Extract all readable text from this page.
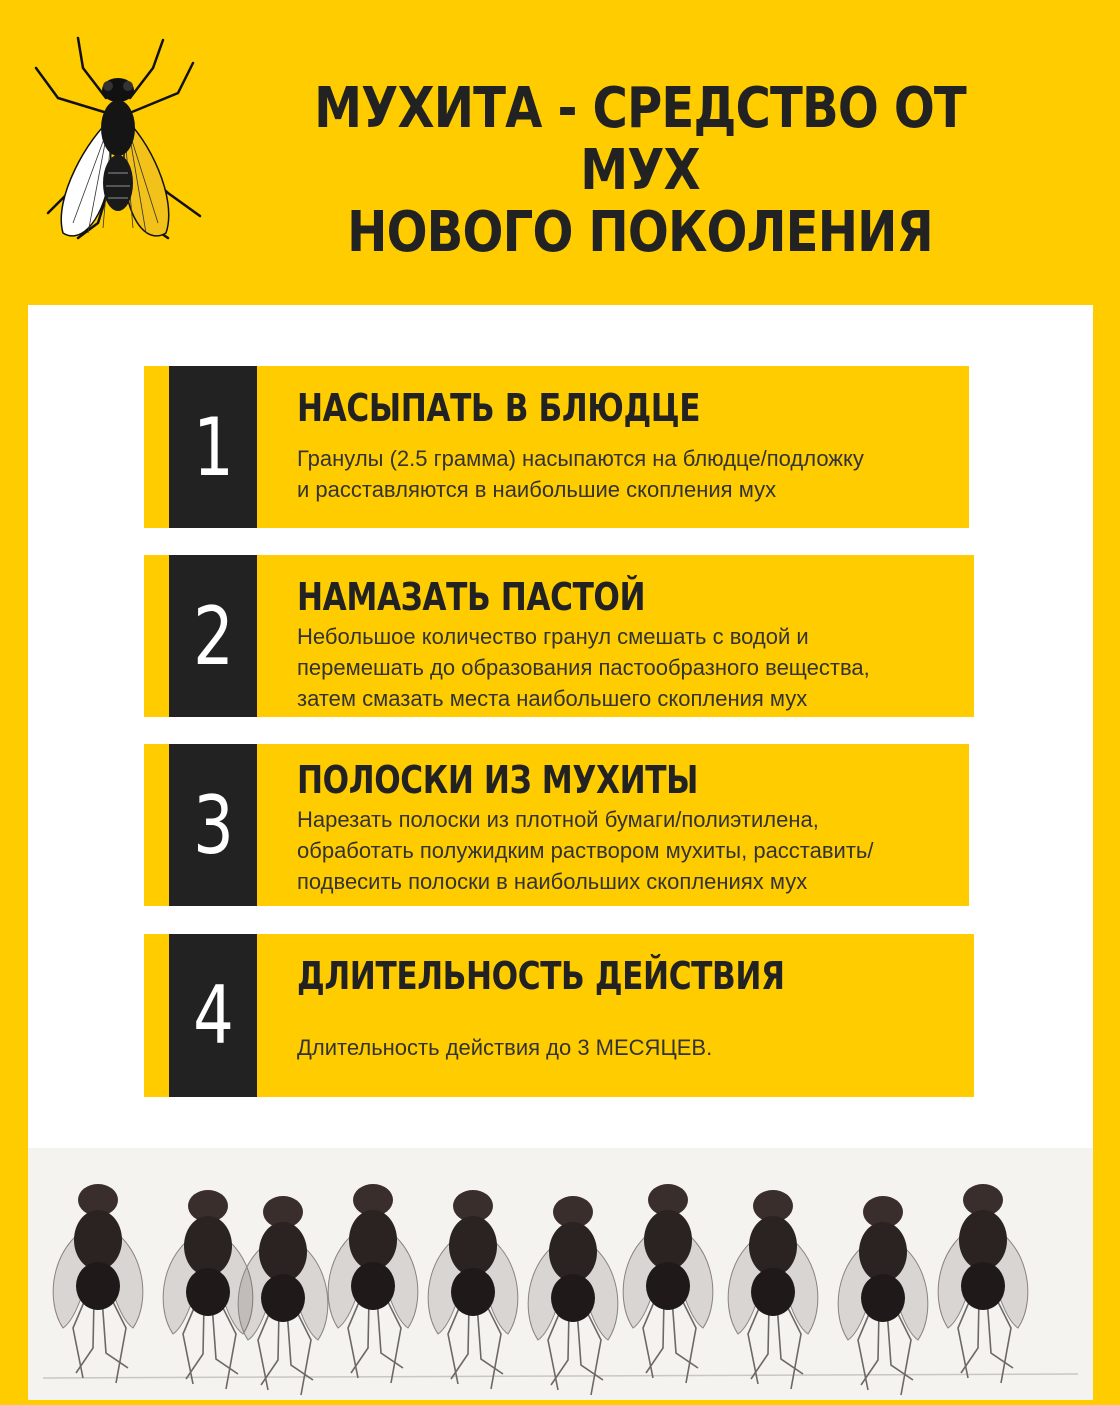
МУХИТА - СРЕДСТВО ОТ МУХ
НОВОГО ПОКОЛЕНИЯ
1 НАСЫПАТЬ В БЛЮДЦЕ
Гранулы (2.5 грамма) насыпаются на блюдце/подложку
и расставляются в наибольшие скопления мух
2 НАМАЗАТЬ ПАСТОЙ
Небольшое количество гранул смешать с водой и
перемешать до образования пастообразного вещества,
затем смазать места наибольшего скопления мух
3 ПОЛОСКИ ИЗ МУХИТЫ
Нарезать полоски из плотной бумаги/полиэтилена,
обработать полужидким раствором мухиты, расставить/
подвесить полоски в наибольших скоплениях мух
4 ДЛИТЕЛЬНОСТЬ ДЕЙСТВИЯ
Длительность действия до 3 МЕСЯЦЕВ.
